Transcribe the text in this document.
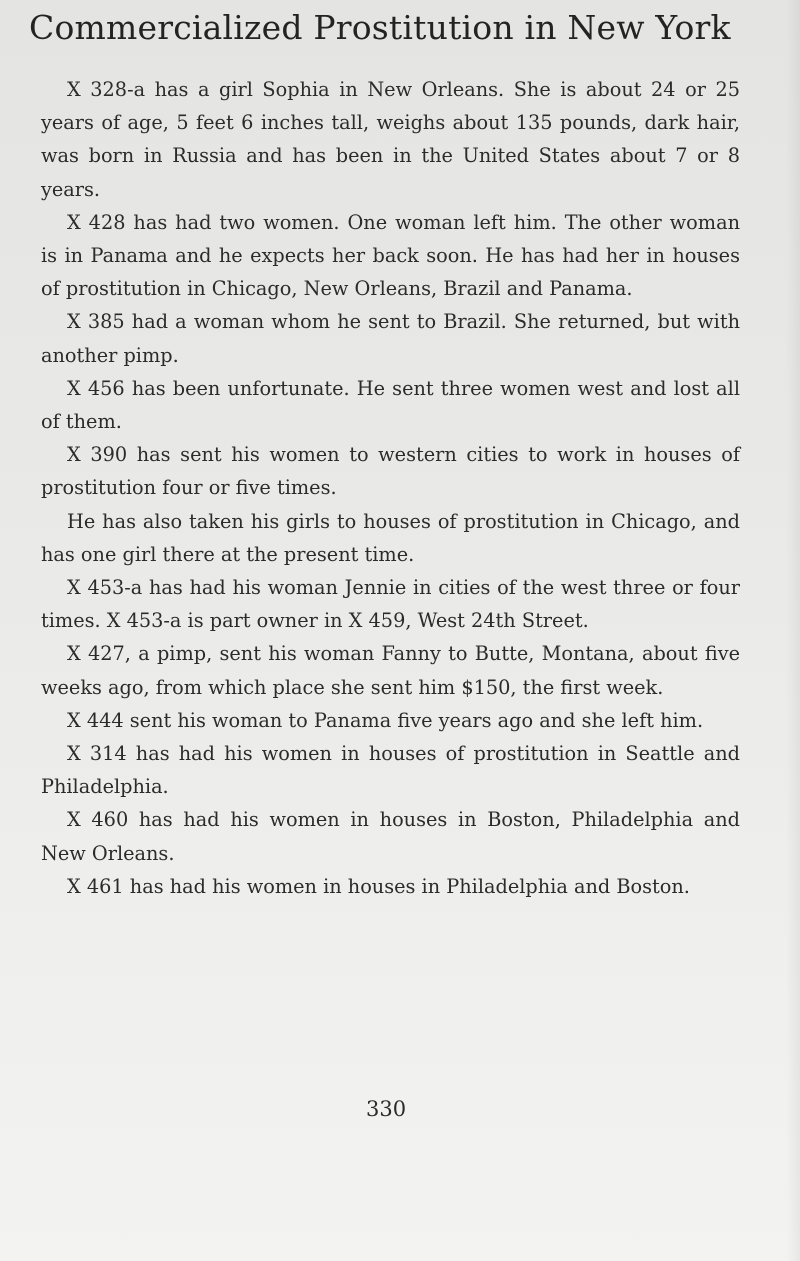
Commercialized Prostitution in New York

X 328-a has a girl Sophia in New Orleans. She is about 24 or 25 years of age, 5 feet 6 inches tall, weighs about 135 pounds, dark hair, was born in Russia and has been in the United States about 7 or 8 years.

X 428 has had two women. One woman left him. The other woman is in Panama and he expects her back soon. He has had her in houses of prostitution in Chicago, New Orleans, Brazil and Panama.

X 385 had a woman whom he sent to Brazil. She returned, but with another pimp.

X 456 has been unfortunate. He sent three women west and lost all of them.

X 390 has sent his women to western cities to work in houses of prostitution four or five times.

He has also taken his girls to houses of prostitution in Chicago, and has one girl there at the present time.

X 453-a has had his woman Jennie in cities of the west three or four times. X 453-a is part owner in X 459, West 24th Street.

X 427, a pimp, sent his woman Fanny to Butte, Montana, about five weeks ago, from which place she sent him $150, the first week.

X 444 sent his woman to Panama five years ago and she left him.

X 314 has had his women in houses of prostitution in Seattle and Philadelphia.

X 460 has had his women in houses in Boston, Philadelphia and New Orleans.

X 461 has had his women in houses in Philadelphia and Boston.

330
